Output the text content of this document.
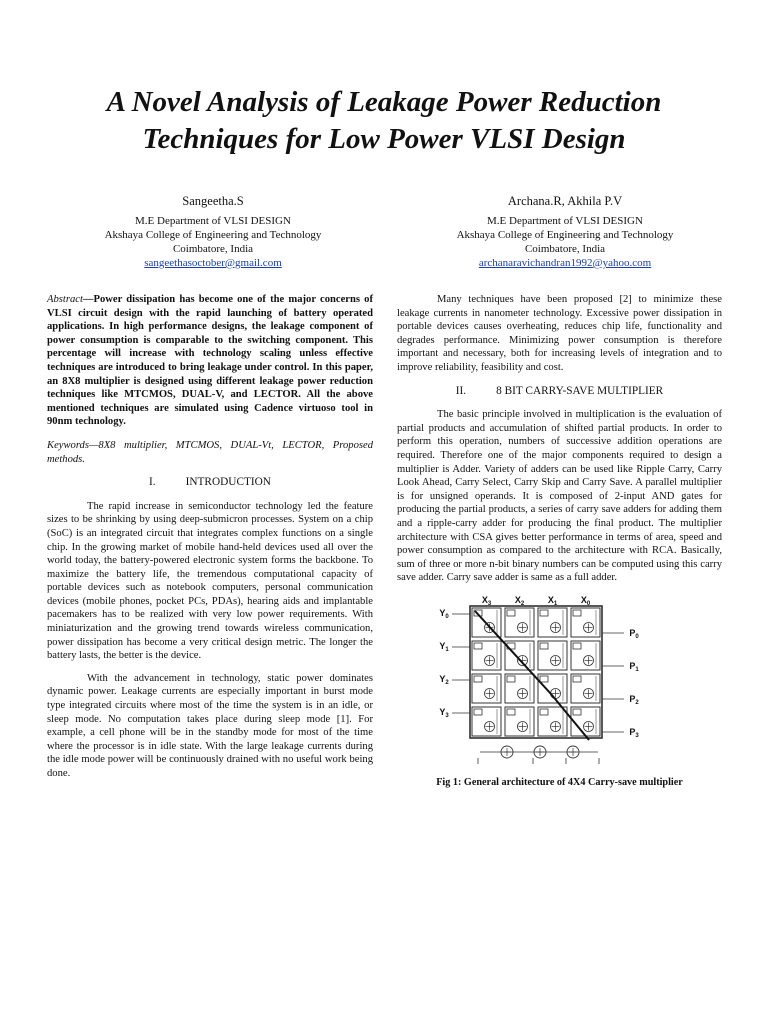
A Novel Analysis of Leakage Power Reduction Techniques for Low Power VLSI Design
Sangeetha.S
M.E Department of VLSI DESIGN
Akshaya College of Engineering and Technology
Coimbatore, India
sangeethasoctober@gmail.com
Archana.R, Akhila P.V
M.E Department of VLSI DESIGN
Akshaya College of Engineering and Technology
Coimbatore, India
archanaravichandran1992@yahoo.com

Abstract—Power dissipation has become one of the major concerns of VLSI circuit design with the rapid launching of battery operated applications. In high performance designs, the leakage component of power consumption is comparable to the switching component. This percentage will increase with technology scaling unless effective techniques are introduced to bring leakage under control. In this paper, an 8X8 multiplier is designed using different leakage power reduction techniques like MTCMOS, DUAL-V, and LECTOR. All the above mentioned techniques are simulated using Cadence virtuoso tool in 90nm technology.

Keywords—8X8 multiplier, MTCMOS, DUAL-Vt, LECTOR, Proposed methods.

I.	INTRODUCTION

The rapid increase in semiconductor technology led the feature sizes to be shrinking by using deep-submicron processes. System on a chip (SoC) is an integrated circuit that integrates complex functions on a single chip. In the growing market of mobile hand-held devices used all over the world today, the battery-powered electronic system forms the backbone. To maximize the battery life, the tremendous computational capacity of portable devices such as notebook computers, personal communication devices (mobile phones, pocket PCs, PDAs), hearing aids and implantable pacemakers has to be realized with very low power requirements. With miniaturization and the growing trend towards wireless communication, power dissipation has become a very critical design metric. The longer the battery lasts, the better is the device.

With the advancement in technology, static power dominates dynamic power. Leakage currents are especially important in burst mode type integrated circuits where most of the time the system is in an idle, or sleep mode. No computation takes place during sleep mode [1]. For example, a cell phone will be in the standby mode for most of the time where the processor is in idle state. With the large leakage currents during the idle mode power will be continuously drained with no useful work being done.

Many techniques have been proposed [2] to minimize these leakage currents in nanometer technology. Excessive power dissipation in portable devices causes overheating, reduces chip life, functionality and degrades performance. Minimizing power consumption is therefore important and necessary, both for increasing levels of integration and to improve reliability, feasibility and cost.

II.	8 BIT CARRY-SAVE MULTIPLIER

The basic principle involved in multiplication is the evaluation of partial products and accumulation of shifted partial products. In order to perform this operation, numbers of successive addition operations are required. Therefore one of the major components required to design a multiplier is Adder. Variety of adders can be used like Ripple Carry, Carry Look Ahead, Carry Select, Carry Skip and Carry Save. A parallel multiplier is for unsigned operands. It is composed of 2-input AND gates for producing the partial products, a series of carry save adders for adding them and a ripple-carry adder for producing the final product. The multiplier architecture with CSA gives better performance in terms of area, speed and power consumption as compared to the architecture with RCA. Basically, sum of three or more n-bit binary numbers can be computed using this carry save adder. Carry save adder is same as a full adder.

$X_3$	$X_2$	$X_1$	$X_0$
$Y_0$
$Y_1$
$Y_2$
$Y_3$
$P_0$
$P_1$
$P_2$
$P_3$

Fig 1: General architecture of 4X4 Carry-save multiplier
